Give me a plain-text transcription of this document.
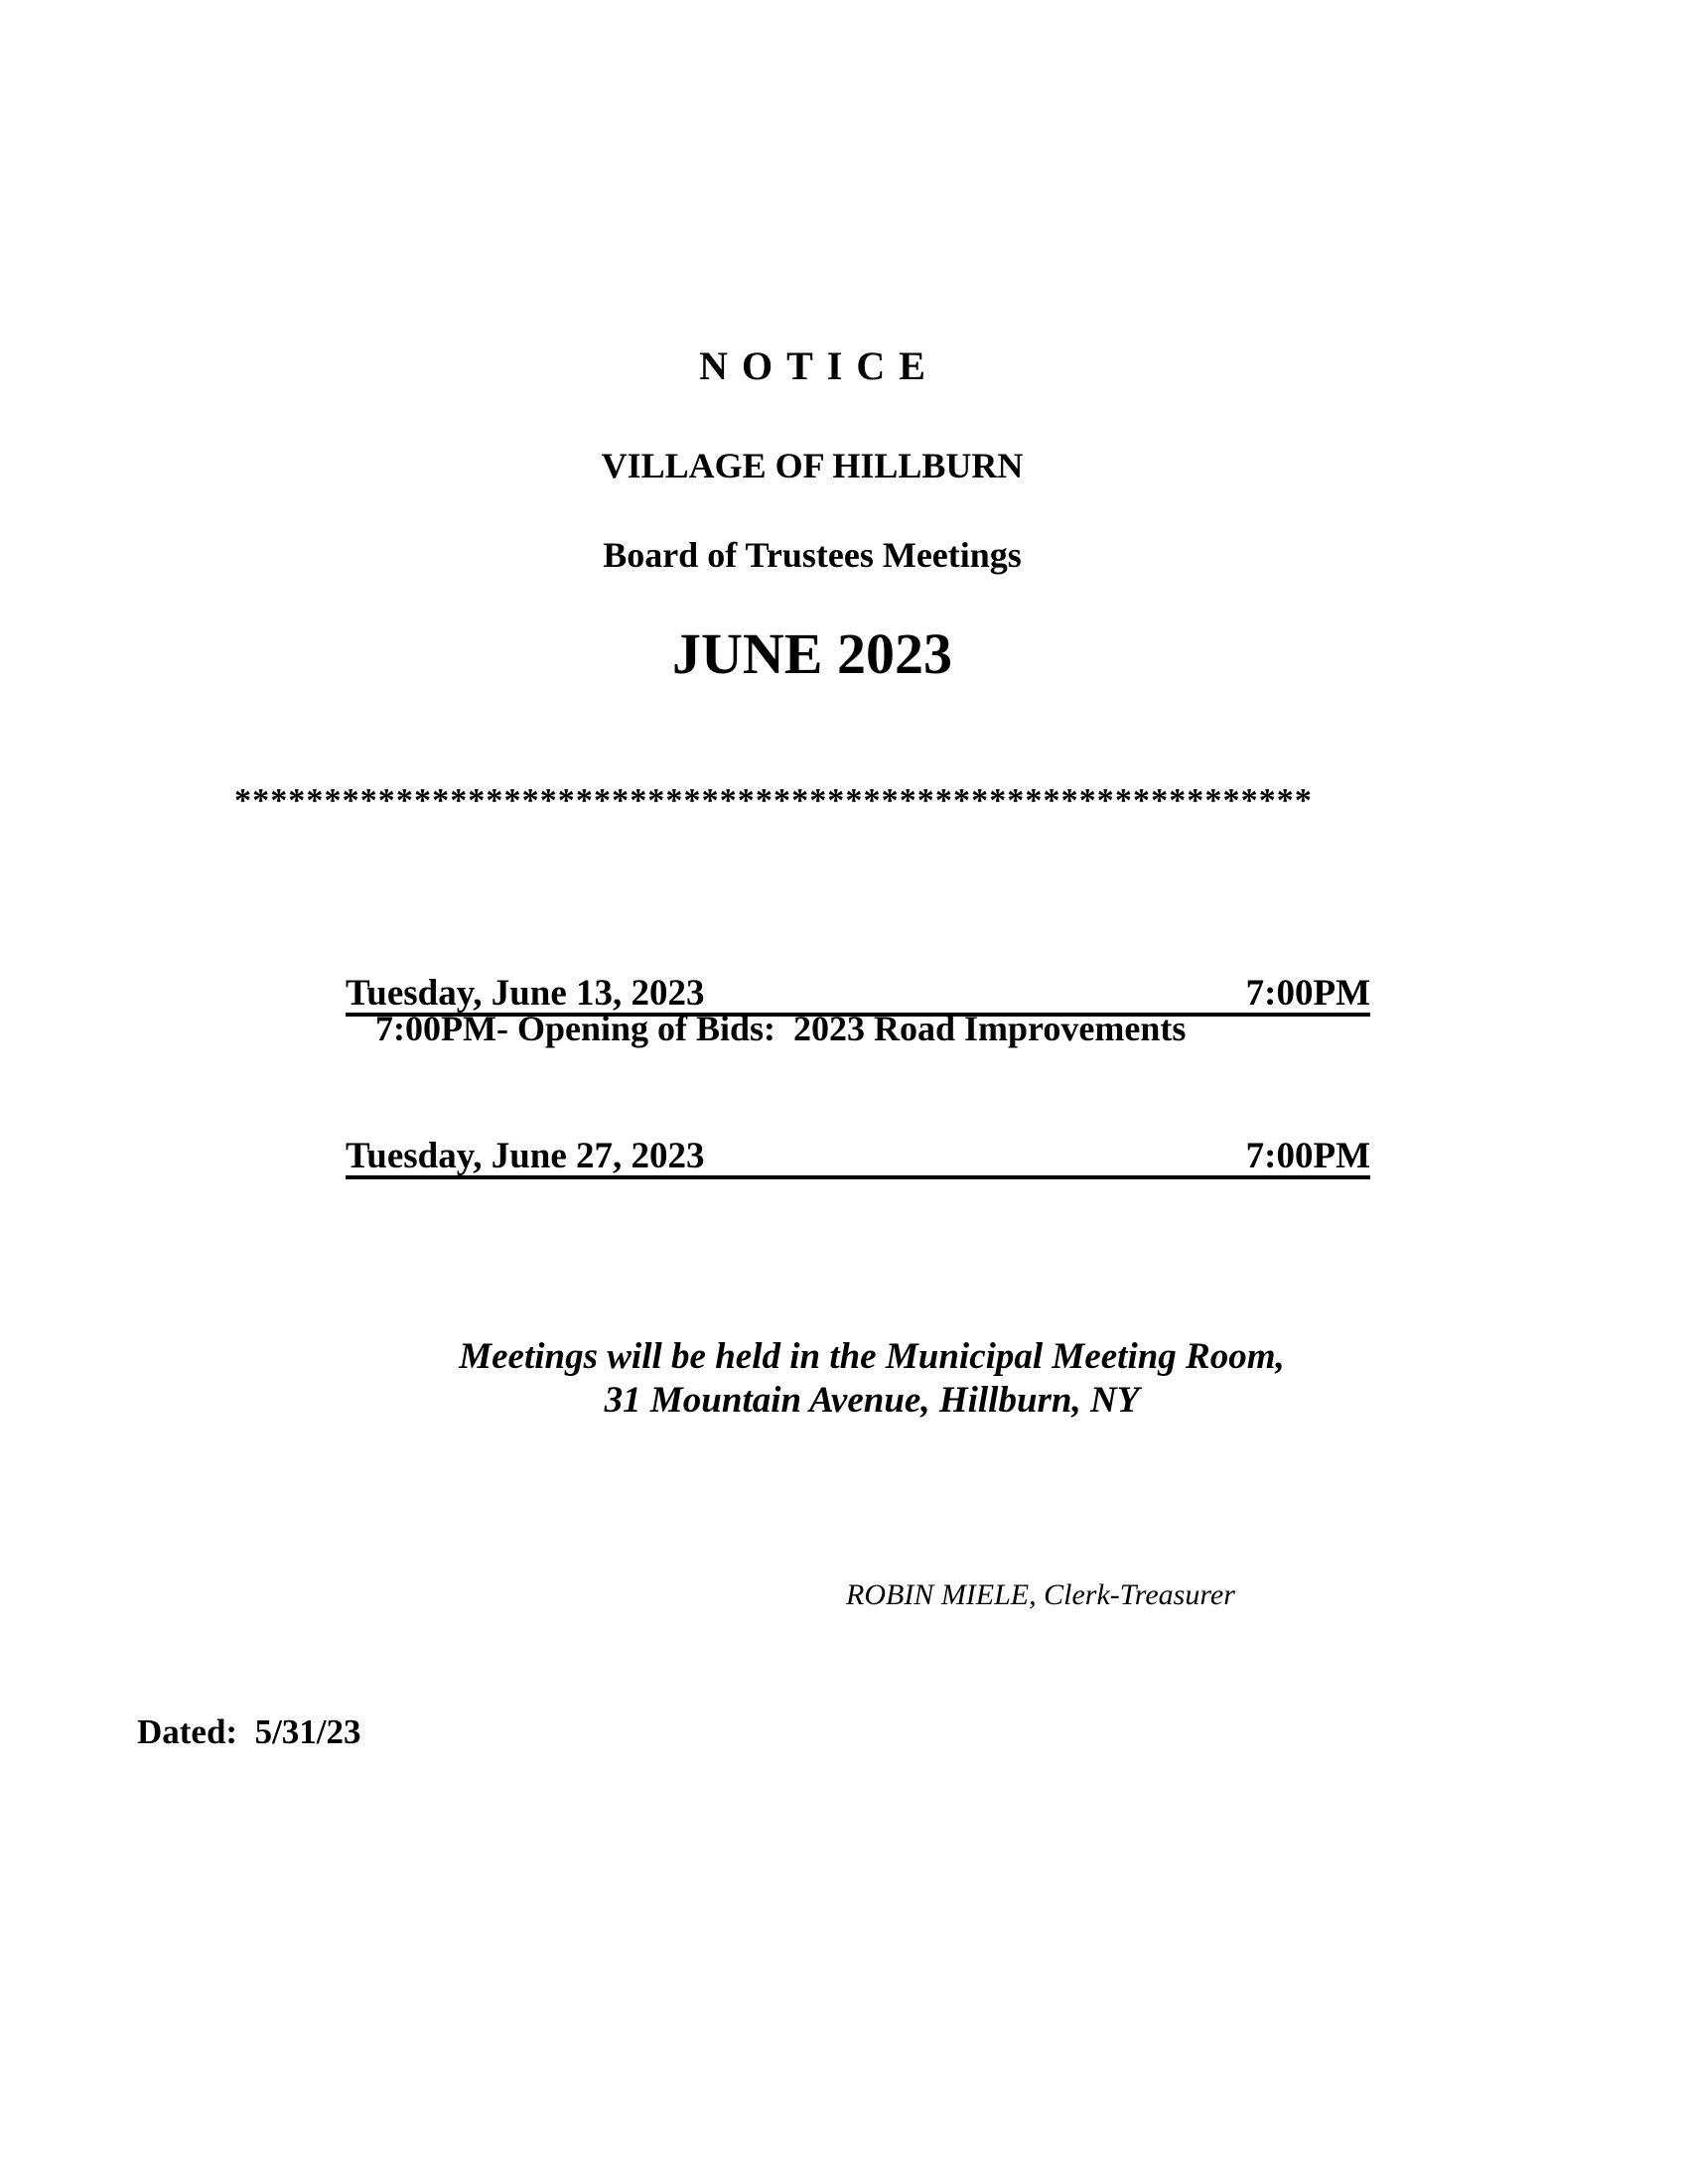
NOTICE
VILLAGE OF HILLBURN
Board of Trustees Meetings
JUNE 2023
************************************************************
Tuesday, June 13, 2023	7:00PM
7:00PM- Opening of Bids:  2023 Road Improvements
Tuesday, June 27, 2023	7:00PM
Meetings will be held in the Municipal Meeting Room,
31 Mountain Avenue, Hillburn, NY
ROBIN MIELE, Clerk-Treasurer
Dated:  5/31/23
